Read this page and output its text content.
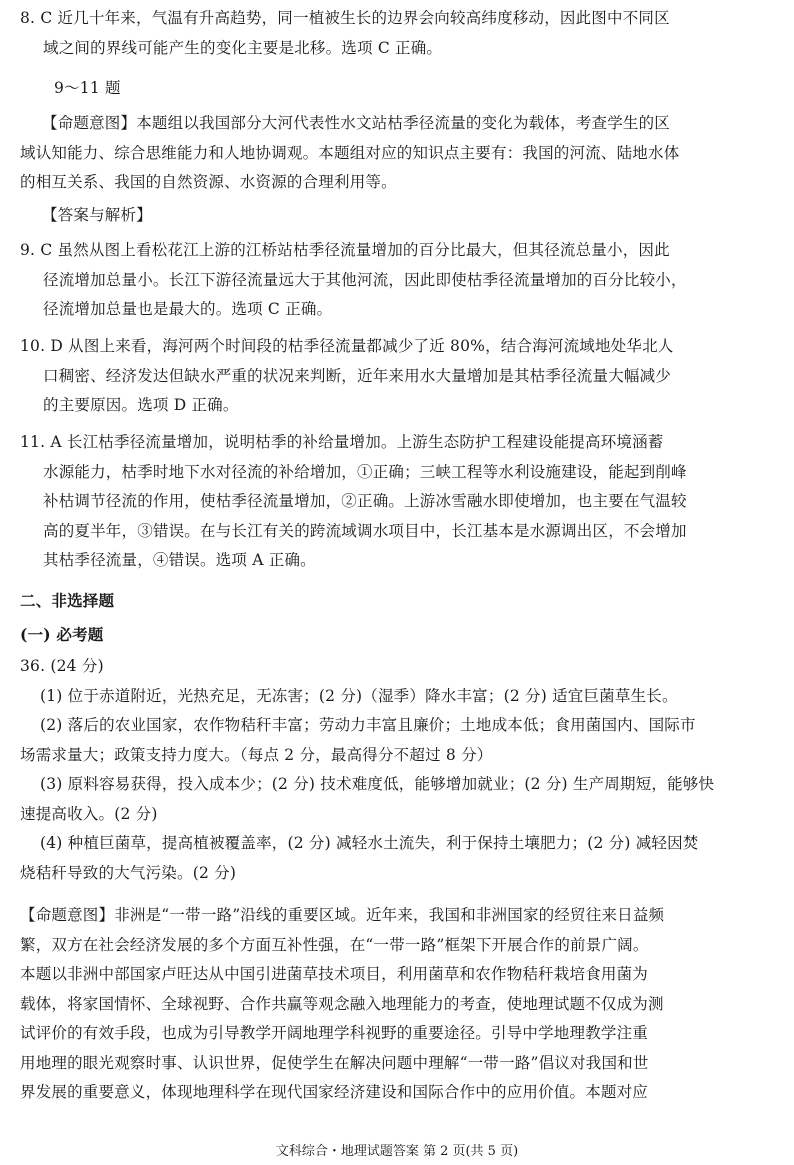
8. C 近几十年来，气温有升高趋势，同一植被生长的边界会向较高纬度移动，因此图中不同区
域之间的界线可能产生的变化主要是北移。选项 C 正确。
9～11 题
【命题意图】本题组以我国部分大河代表性水文站枯季径流量的变化为载体，考查学生的区
域认知能力、综合思维能力和人地协调观。本题组对应的知识点主要有：我国的河流、陆地水体
的相互关系、我国的自然资源、水资源的合理利用等。
【答案与解析】
9. C 虽然从图上看松花江上游的江桥站枯季径流量增加的百分比最大，但其径流总量小，因此
径流增加总量小。长江下游径流量远大于其他河流，因此即使枯季径流量增加的百分比较小，
径流增加总量也是最大的。选项 C 正确。
10. D 从图上来看，海河两个时间段的枯季径流量都减少了近 80%，结合海河流域地处华北人
口稠密、经济发达但缺水严重的状况来判断，近年来用水大量增加是其枯季径流量大幅减少
的主要原因。选项 D 正确。
11. A 长江枯季径流量增加，说明枯季的补给量增加。上游生态防护工程建设能提高环境涵蓄
水源能力，枯季时地下水对径流的补给增加，①正确；三峡工程等水利设施建设，能起到削峰
补枯调节径流的作用，使枯季径流量增加，②正确。上游冰雪融水即使增加，也主要在气温较
高的夏半年，③错误。在与长江有关的跨流域调水项目中，长江基本是水源调出区，不会增加
其枯季径流量，④错误。选项 A 正确。
二、非选择题
(一) 必考题
36. (24 分)
(1) 位于赤道附近，光热充足，无冻害；(2 分)（湿季）降水丰富；(2 分) 适宜巨菌草生长。
(2) 落后的农业国家，农作物秸秆丰富；劳动力丰富且廉价；土地成本低；食用菌国内、国际市
场需求量大；政策支持力度大。（每点 2 分，最高得分不超过 8 分）
(3) 原料容易获得，投入成本少；(2 分) 技术难度低，能够增加就业；(2 分) 生产周期短，能够快
速提高收入。(2 分)
(4) 种植巨菌草，提高植被覆盖率，(2 分) 减轻水土流失，利于保持土壤肥力；(2 分) 减轻因焚
烧秸秆导致的大气污染。(2 分)
【命题意图】非洲是“一带一路”沿线的重要区域。近年来，我国和非洲国家的经贸往来日益频
繁，双方在社会经济发展的多个方面互补性强，在“一带一路”框架下开展合作的前景广阔。
本题以非洲中部国家卢旺达从中国引进菌草技术项目，利用菌草和农作物秸秆栽培食用菌为
载体，将家国情怀、全球视野、合作共赢等观念融入地理能力的考查，使地理试题不仅成为测
试评价的有效手段，也成为引导教学开阔地理学科视野的重要途径。引导中学地理教学注重
用地理的眼光观察时事、认识世界，促使学生在解决问题中理解“一带一路”倡议对我国和世
界发展的重要意义，体现地理科学在现代国家经济建设和国际合作中的应用价值。本题对应
文科综合・地理试题答案 第 2 页(共 5 页)
